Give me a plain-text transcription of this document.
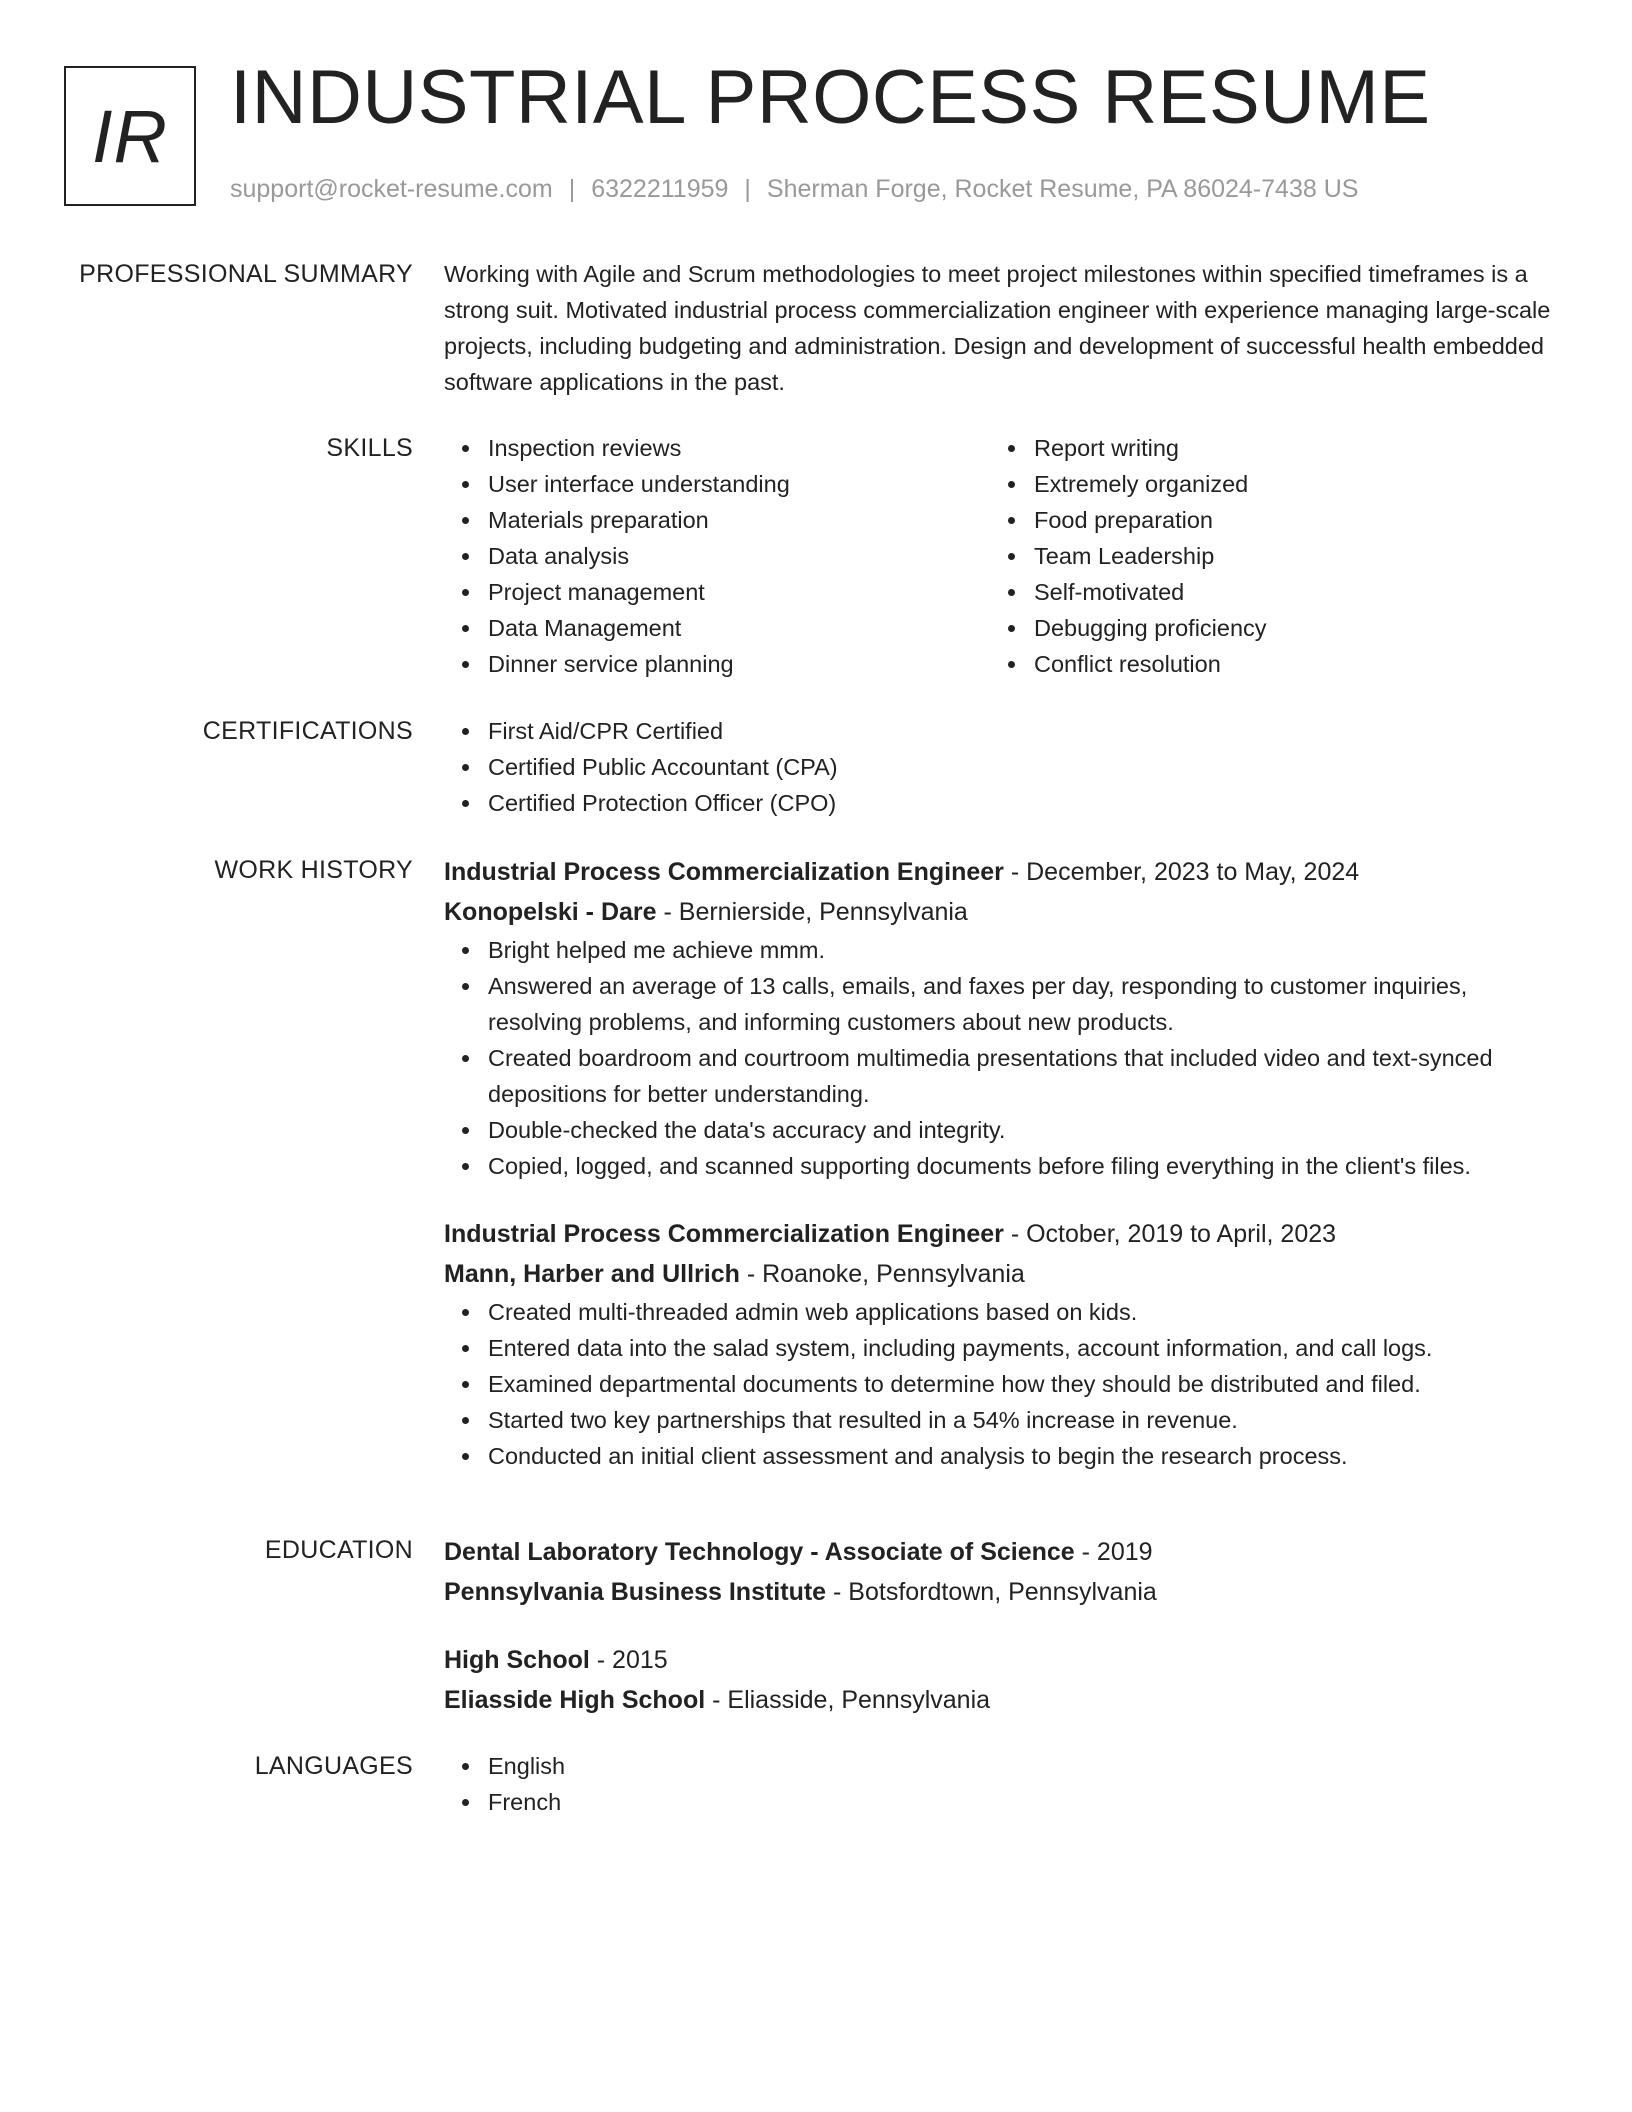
IR INDUSTRIAL PROCESS RESUME
support@rocket-resume.com | 6322211959 | Sherman Forge, Rocket Resume, PA 86024-7438 US
PROFESSIONAL SUMMARY Working with Agile and Scrum methodologies to meet project milestones within specified timeframes is a strong suit. Motivated industrial process commercialization engineer with experience managing large-scale projects, including budgeting and administration. Design and development of successful health embedded software applications in the past.

SKILLS	Inspection reviews
User interface understanding
Materials preparation
Data analysis
Project management
Data Management
Dinner service planning
Report writing
Extremely organized
Food preparation
Team Leadership
Self-motivated
Debugging proficiency
Conflict resolution
CERTIFICATIONS	First Aid/CPR Certified
Certified Public Accountant (CPA)
Certified Protection Officer (CPO)
WORK HISTORY Industrial Process Commercialization Engineer - December, 2023 to May, 2024
Konopelski - Dare - Bernierside, Pennsylvania
Bright helped me achieve mmm.
Answered an average of 13 calls, emails, and faxes per day, responding to customer inquiries, resolving problems, and informing customers about new products.
Created boardroom and courtroom multimedia presentations that included video and text-synced depositions for better understanding.
Double-checked the data's accuracy and integrity.
Copied, logged, and scanned supporting documents before filing everything in the client's files.
Industrial Process Commercialization Engineer - October, 2019 to April, 2023
Mann, Harber and Ullrich - Roanoke, Pennsylvania
Created multi-threaded admin web applications based on kids.
Entered data into the salad system, including payments, account information, and call logs.
Examined departmental documents to determine how they should be distributed and filed.
Started two key partnerships that resulted in a 54% increase in revenue.
Conducted an initial client assessment and analysis to begin the research process.
EDUCATION Dental Laboratory Technology - Associate of Science - 2019
Pennsylvania Business Institute - Botsfordtown, Pennsylvania
High School - 2015
Eliasside High School - Eliasside, Pennsylvania
LANGUAGES	English
French
